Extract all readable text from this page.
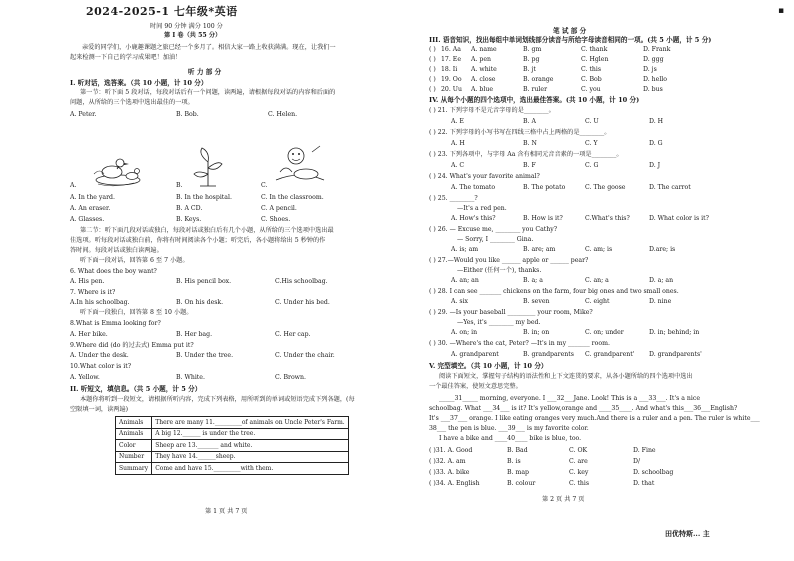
2024-2025-1 七年级*英语
时间 90 分钟 满分 100 分
第 I 卷（共 55 分）
亲爱的同学们，小鹿趣课题之旅已经一个多月了。相信大家一路上收获满满。现在，让我们一
起来检测一下自己的学习成果吧！加油！
听 力 部 分
I. 听对话，选答案。（共 10 小题，计 10 分）
第一节：听下面 5 段对话，每段对话后有一个问题，读两遍，请根据每段对话的内容和后面的
问题，从所给的三个选项中选出最佳的一项。
A. Peter.	B. Bob.	C. Helen.
A.	B.	C.
A. In the yard.	B. In the hospital.	C. In the classroom.
A. An eraser.	B. A CD.	C. A pencil.
A. Glasses.	B. Keys.	C. Shoes.
第二节：听下面几段对话或独白，每段对话或独白后有几个小题，从所给的三个选项中选出最
佳选项。听每段对话或独白前，你将有时间阅读各个小题；听完后，各小题将给出 5 秒钟的作
答时间。每段对话或独白读两遍。
听下面一段对话，回答第 6 至 7 小题。
6. What does the boy want?
A. His pen.	B. His pencil box.	C.His schoolbag.
7. Where is it?
A.In his schoolbag.	B. On his desk.	C. Under his bed.
听下面一段独白，回答第 8 至 10 小题。
8.What is Emma looking for?
A. Her bike.	B. Her bag.	C. Her cap.
9.Where did (do 的过去式) Emma put it?
A. Under the desk.	B. Under the tree.	C. Under the chair.
10.What color is it?
A. Yellow.	B. White.	C. Brown.
II. 听短文，填信息。（共 5 小题，计 5 分）
本题你将听到一段短文，请根据所听内容，完成下列表格，用所听到的单词或短语完成下列各题，(每
空限填一词，读两遍)
Animals	There are many 11._________of animals on Uncle Peter's Farm.
Animals	A big 12.______ is under the tree.
Color	Sheep are 13._______ and white.
Number	They have 14.______sheep.
Summary	Come and have 15._________with them.
第 1 页 共 7 页
笔 试 部 分
III. 语音知识，找出每组中单词划线部分读音与所给字母读音相同的一项。(共 5 小题，计 5 分)
IV. 从每个小题的四个选项中，选出最佳答案。(共 10 小题，计 10 分)
( ) 21. 下列字母不是元音字母的是________。
A. E	B. A	C. U	D. H
( ) 22. 下列字母的小写书写在四线三格中占上两格的是________。
A. H	B. N	C. Y	D. G
( ) 23. 下列各项中，与字母 Aa 含有相同元音音素的一项是________。
A. C	B. F	C. G	D. J
( ) 24. What's your favorite animal?
A. The tomato	B. The potato	C. The goose	D. The carrot
( ) 25. ________?
—It's a red pen.
A. How's this?	B. How is it?	C.What's this?	D. What color is it?
( ) 26. — Excuse me, ________ you Cathy?
— Sorry, I ________ Gina.
A. is; am	B. are; am	C. am; is	D.are; is
( ) 27.—Would you like ______ apple or ______ pear?
—Either (任何一个), thanks.
A. an; an	B. a; a	C. an; a	D. a; an
( ) 28. I can see _______ chickens on the farm, four big ones and two small ones.
A. six	B. seven	C. eight	D. nine
( ) 29. —Is your baseball _________ your room, Mike?
—Yes, it's ________ my bed.
A. on; in	B. in; on	C. on; under	D. in; behind; in
( ) 30. —Where's the cat, Peter? —It's in my _______ room.
A. grandparent	B. grandparents C. grandparent' D. grandparents'
V. 完型填空。（共 10 小题，计 10 分）
阅读下面短文，掌握句子结构的语法性和上下文连贯的要求，从各小题所给的四个选项中选出
一个最佳答案，使短文意思完整。
_____31_____ morning, everyone. I ___32___Jane. Look! This is a ___33___. It's a nice
schoolbag. What ___34___ is it? It's yellow,orange and ____35____. And what's this___36___English?
It's ___37___ orange. I like eating oranges very much.And there is a ruler and a pen. The ruler is white___
38___ the pen is blue. ___39___ is my favorite color.
I have a bike and ____40____ bike is blue, too.
( )31. A. Good	B. Bad	C. OK	D. Fine
( )32. A. am	B. is	C. are	D/
( )33. A. bike	B. map	C. key	D. schoolbag
( )34. A. English	B. colour	C. this	D. that
第 2 页 共 7 页
田优特斯... 主
▪
( ) 16. Aa A. name	B. gm	C. thank	D. Frank
( ) 17. Ee A. pen	B. pg	C. Hglen	D. ggg
( ) 18. Ii A. white	B. jt	C. this	D. js
( ) 19. Oo A. close	B. orange	C. Bob	D. hello
( ) 20. Uu A. blue	B. ruler	C. you	D. bus
